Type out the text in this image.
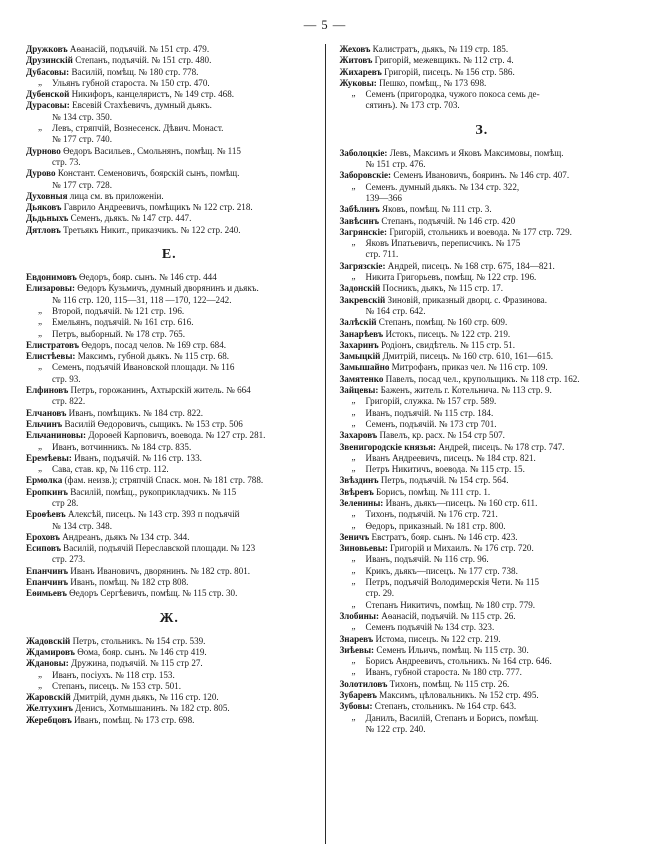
— 5 —
Дружковъ Аѳанасій, подъячій. № 151 стр. 479.
Друзинскій Степанъ, подъячій. № 151 стр. 480.
Дубасовы: Василій, помѣщ. № 180 стр. 778.
„ Ульянъ губной староста. № 150 стр. 470.
Дубенской Никифоръ, канцеляристъ, № 149 стр. 468.
Дурасовы: Евсевій Стахѣевичъ, думный дьякъ.
№ 134 стр. 350.
„ Левъ, стряпчій, Вознесенск. Дѣвич. Монаст.
№ 177 стр. 740.
Дурново Ѳедоръ Васильев., Смольнянъ, помѣщ. № 115
стр. 73.
Дурово Констант. Семеновичъ, боярскій сынъ, помѣщ.
№ 177 стр. 728.
Духовныя лица см. въ приложеніи.
Дьяковъ Гаврило Андреевичъ, помѣщикъ № 122 стр. 218.
Дьдьныхъ Семенъ, дьякъ. № 147 стр. 447.
Дятловъ Третьякъ Никит., приказчикъ. № 122 стр. 240.
Е.
Евдонимовъ Ѳедоръ, бояр. сынъ. № 146 стр. 444
Елизаровы: Ѳедоръ Кузьмичъ, думный дворянинъ и дьякъ.
№ 116 стр. 120, 115—31, 118 —170, 122—242.
„ Второй, подъячій. № 121 стр. 196.
„ Емельянъ, подъячій. № 161 стр. 616.
„ Петръ, выборный. № 178 стр. 765.
Елистратовъ Ѳедоръ, посад челов. № 169 стр. 684.
Елистѣевы: Максимъ, губной дьякъ. № 115 стр. 68.
„ Семенъ, подъячій Ивановской площади. № 116
стр. 93.
Елфиновъ Петръ, горожанинъ, Ахтырскій житель. № 664
стр. 822.
Елчановъ Иванъ, помѣщикъ. № 184 стр. 822.
Ельчинъ Василій Ѳедоровичъ, сыщикъ. № 153 стр. 506
Ельчаниновы: Дороѳей Карповичъ, воевода. № 127 стр. 281.
„ Иванъ, вотчинникъ. № 184 стр. 835.
Еремѣевы: Иванъ, подъячій. № 116 стр. 133.
„ Сава, став. кр, № 116 стр. 112.
Ермолка (фам. неизв.); стряпчій Спаск. мон. № 181 стр. 788.
Еропкинъ Василій, помѣщ., рукоприкладчикъ. № 115
стр 28.
Ероѳѣевъ Алексѣй, писецъ. № 143 стр. 393 п подъячій
№ 134 стр. 348.
Ероховъ Андреанъ, дьякъ № 134 стр. 344.
Есиповъ Василій, подъячій Переславской площади. № 123
стр. 273.
Епанчинъ Иванъ Ивановичъ, дворянинъ. № 182 стр. 801.
Епанчинъ Иванъ, помѣщ. № 182 стр 808.
Еѳимьевъ Ѳедоръ Сергѣевичъ, помѣщ. № 115 стр. 30.
Ж.
Жадовскій Петръ, стольникъ. № 154 стр. 539.
Ждамировъ Ѳома, бояр. сынъ. № 146 стр 419.
Ждановы: Дружина, подъячій. № 115 стр 27.
„ Иванъ, посіухъ. № 118 стр. 153.
„ Степанъ, писецъ. № 153 стр. 501.
Жаровскій Дмитрій, думн дьякъ, № 116 стр. 120.
Желтухинъ Денисъ, Хотмышанинъ. № 182 стр. 805.
Жеребцовъ Иванъ, помѣщ. № 173 стр. 698.
Жеховъ Калистратъ, дьякъ, № 119 стр. 185.
Житовъ Григорій, межевщикъ. № 112 стр. 4.
Жихаревъ Григорій, писецъ. № 156 стр. 586.
Жуковы: Пешко, помѣщ., № 173 698.
„ Семенъ (пригородка, чужого покоса семь де-
сятинъ). № 173 стр. 703.
З.
Заболоцкіе: Левъ, Максимъ и Яковъ Максимовы, помѣщ.
№ 151 стр. 476.
Заборовскіе: Семенъ Ивановичъ, бояринъ. № 146 стр. 407.
„ Семенъ. думный дьякъ. № 134 стр. 322,
139—366
Забѣлинъ Яковъ, помѣщ. № 111 стр. 3.
Завѣсинъ Степанъ, подъячій. № 146 стр. 420
Загрянскіе: Григорій, стольникъ и воевода. № 177 стр. 729.
„ Яковъ Ипатьевичъ, переписчикъ. № 175
стр. 711.
Загрязскіе: Андрей, писецъ. № 168 стр. 675, 184—821.
„ Никита Григорьевъ, помѣщ. № 122 стр. 196.
Задонскій Посникъ, дьякъ, № 115 стр. 17.
Закревскій Зиновій, приказный дворц. с. Фразинова.
№ 164 стр. 642.
Залѣскій Степанъ, помѣщ. № 160 стр. 609.
Занарѣевъ Истокъ, писецъ. № 122 стр. 219.
Захаринъ Родіонъ, свидѣтель. № 115 стр. 51.
Замыцкій Дмитрій, писецъ. № 160 стр. 610, 161—615.
Замышайно Митрофанъ, приказ чел. № 116 стр. 109.
Замятенко Павелъ, посад чел., крупольщикъ. № 118 стр. 162.
Зайцевы: Баженъ, житель г. Котельнича. № 113 стр. 9.
„ Григорій, служка. № 157 стр. 589.
„ Иванъ, подъячій. № 115 стр. 184.
„ Семенъ, подъячій. № 173 стр 701.
Захаровъ Павелъ, кр. расх. № 154 стр 507.
Звенигородскіе князья: Андрей, писецъ. № 178 стр. 747.
„ Иванъ Андреевичъ, писецъ. № 184 стр. 821.
„ Петръ Никитичъ, воевода. № 115 стр. 15.
Звѣздинъ Петръ, подъячій. № 154 стр. 564.
Звѣревъ Борисъ, помѣщ. № 111 стр. 1.
Зеленины: Иванъ, дьякъ—писецъ. № 160 стр. 611.
„ Тихонъ, подъячій. № 176 стр. 721.
„ Ѳедоръ, приказный. № 181 стр. 800.
Зеничъ Евстратъ, бояр. сынъ. № 146 стр. 423.
Зиновьевы: Григорій и Михаилъ. № 176 стр. 720.
„ Иванъ, подъячій. № 116 стр. 96.
„ Крикъ, дьякъ—писецъ. № 177 стр. 738.
„ Петръ, подъячій Володимерскія Чети. № 115
стр. 29.
„ Степанъ Никитичъ, помѣщ. № 180 стр. 779.
Злобины: Аѳанасій, подъячій. № 115 стр. 26.
„ Семенъ подъячій № 134 стр. 323.
Знаревъ Истома, писецъ. № 122 стр. 219.
Зиѣевы: Семенъ Ильичъ, помѣщ. № 115 стр. 30.
„ Борисъ Андреевичъ, стольникъ. № 164 стр. 646.
„ Иванъ, губной староста. № 180 стр. 777.
Золотиловъ Тихонъ, помѣщ. № 115 стр. 26.
Зубаревъ Максимъ, цѣловальникъ. № 152 стр. 495.
Зубовы: Степанъ, стольникъ. № 164 стр. 643.
„ Данилъ, Василій, Степанъ и Борисъ, помѣщ.
№ 122 стр. 240.
